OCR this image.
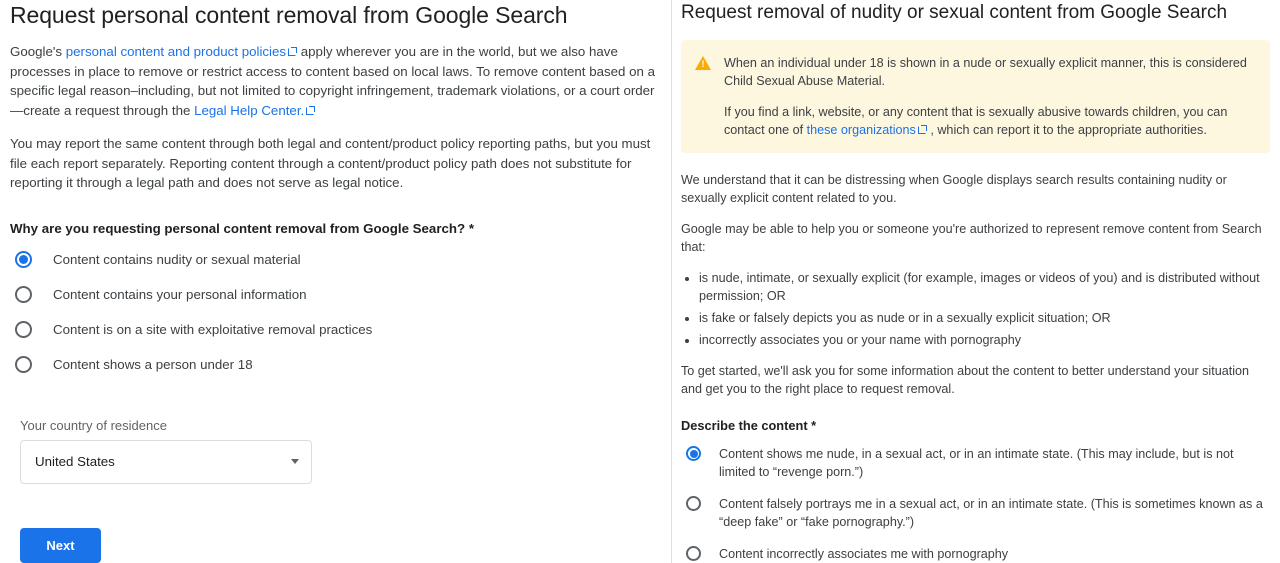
Request personal content removal from Google Search

Google's personal content and product policies apply wherever you are in the world, but we also have processes in place to remove or restrict access to content based on local laws. To remove content based on a specific legal reason–including, but not limited to copyright infringement, trademark violations, or a court order—create a request through the Legal Help Center.

You may report the same content through both legal and content/product policy reporting paths, but you must file each report separately. Reporting content through a content/product policy path does not substitute for reporting it through a legal path and does not serve as legal notice.

Why are you requesting personal content removal from Google Search? *
Content contains nudity or sexual material
Content contains your personal information
Content is on a site with exploitative removal practices
Content shows a person under 18
Your country of residence
United States
Next
Request removal of nudity or sexual content from Google Search
!

When an individual under 18 is shown in a nude or sexually explicit manner, this is considered Child Sexual Abuse Material.

If you find a link, website, or any content that is sexually abusive towards children, you can contact one of these organizations , which can report it to the appropriate authorities.

We understand that it can be distressing when Google displays search results containing nudity or sexually explicit content related to you.

Google may be able to help you or someone you're authorized to represent remove content from Search that:

• is nude, intimate, or sexually explicit (for example, images or videos of you) and is distributed without permission; OR
• is fake or falsely depicts you as nude or in a sexually explicit situation; OR
• incorrectly associates you or your name with pornography

To get started, we'll ask you for some information about the content to better understand your situation and get you to the right place to request removal.

Describe the content *
Content shows me nude, in a sexual act, or in an intimate state. (This may include, but is not limited to “revenge porn.”)
Content falsely portrays me in a sexual act, or in an intimate state. (This is sometimes known as a “deep fake” or “fake pornography.”)
Content incorrectly associates me with pornography
